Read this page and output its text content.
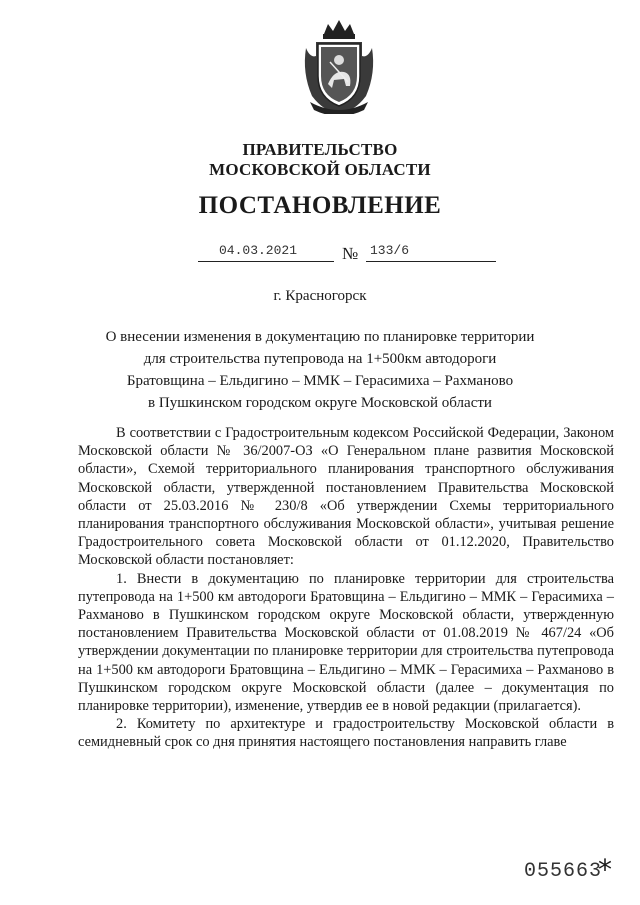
ПРАВИТЕЛЬСТВО
МОСКОВСКОЙ ОБЛАСТИ
ПОСТАНОВЛЕНИЕ
04.03.2021	№ 133/6
г. Красногорск
О внесении изменения в документацию по планировке территории
для строительства путепровода на 1+500км автодороги
Братовщина – Ельдигино – ММК – Герасимиха – Рахманово
в Пушкинском городском округе Московской области

В соответствии с Градостроительным кодексом Российской Федерации, Законом Московской области № 36/2007-ОЗ «О Генеральном плане развития Московской области», Схемой территориального планирования транспортного обслуживания Московской области, утвержденной постановлением Правительства Московской области от 25.03.2016 № 230/8 «Об утверждении Схемы территориального планирования транспортного обслуживания Московской области», учитывая решение Градостроительного совета Московской области от 01.12.2020, Правительство Московской области постановляет:

1. Внести в документацию по планировке территории для строительства путепровода на 1+500 км автодороги Братовщина – Ельдигино – ММК – Герасимиха – Рахманово в Пушкинском городском округе Московской области, утвержденную постановлением Правительства Московской области от 01.08.2019 № 467/24 «Об утверждении документации по планировке территории для строительства путепровода на 1+500 км автодороги Братовщина – Ельдигино – ММК – Герасимиха – Рахманово в Пушкинском городском округе Московской области (далее – документация по планировке территории), изменение, утвердив ее в новой редакции (прилагается).

2. Комитету по архитектуре и градостроительству Московской области в семидневный срок со дня принятия настоящего постановления направить главе

055663
*
